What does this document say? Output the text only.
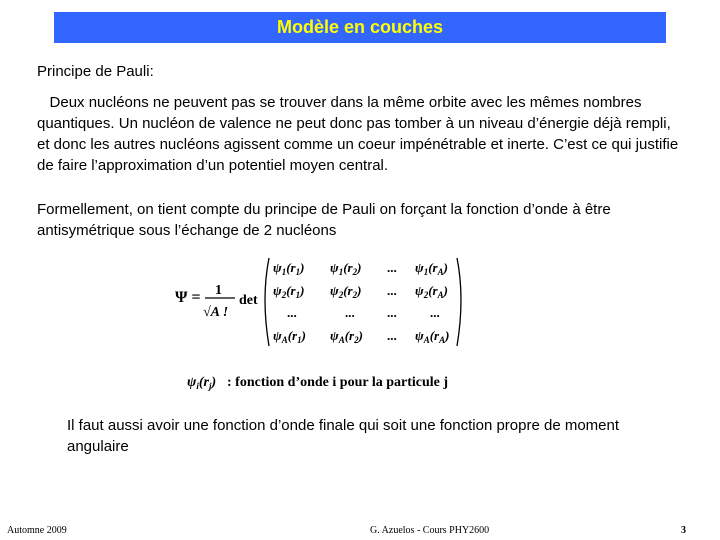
Modèle en couches
Principe de Pauli:

Deux nucléons ne peuvent pas se trouver dans la même orbite avec les mêmes nombres quantiques. Un nucléon de valence ne peut donc pas tomber à un niveau d’énergie déjà rempli, et donc les autres nucléons agissent comme un coeur impénétrable et inerte. C’est ce qui justifie de faire l’approximation d’un potentiel moyen central.

Formellement, on tient compte du principe de Pauli on forçant la fonction d’onde à être antisymétrique sous l’échange de 2 nucléons

Ψ = 1
√A !
det
$\psi_1(r_1)$ $\psi_1(r_2)$ ... $\psi_1(r_A)$
$\psi_2(r_1)$ $\psi_2(r_2)$ ... $\psi_2(r_A)$
...	... ...	...
$\psi_A(r_1)$ $\psi_A(r_2)$ ... $\psi_A(r_A)$
$\psi_i(r_j)$ : fonction d’onde i pour la particule j

Il faut aussi avoir une fonction d’onde finale qui soit une fonction propre de moment angulaire

Automne 2009	G. Azuelos - Cours PHY2600	3
